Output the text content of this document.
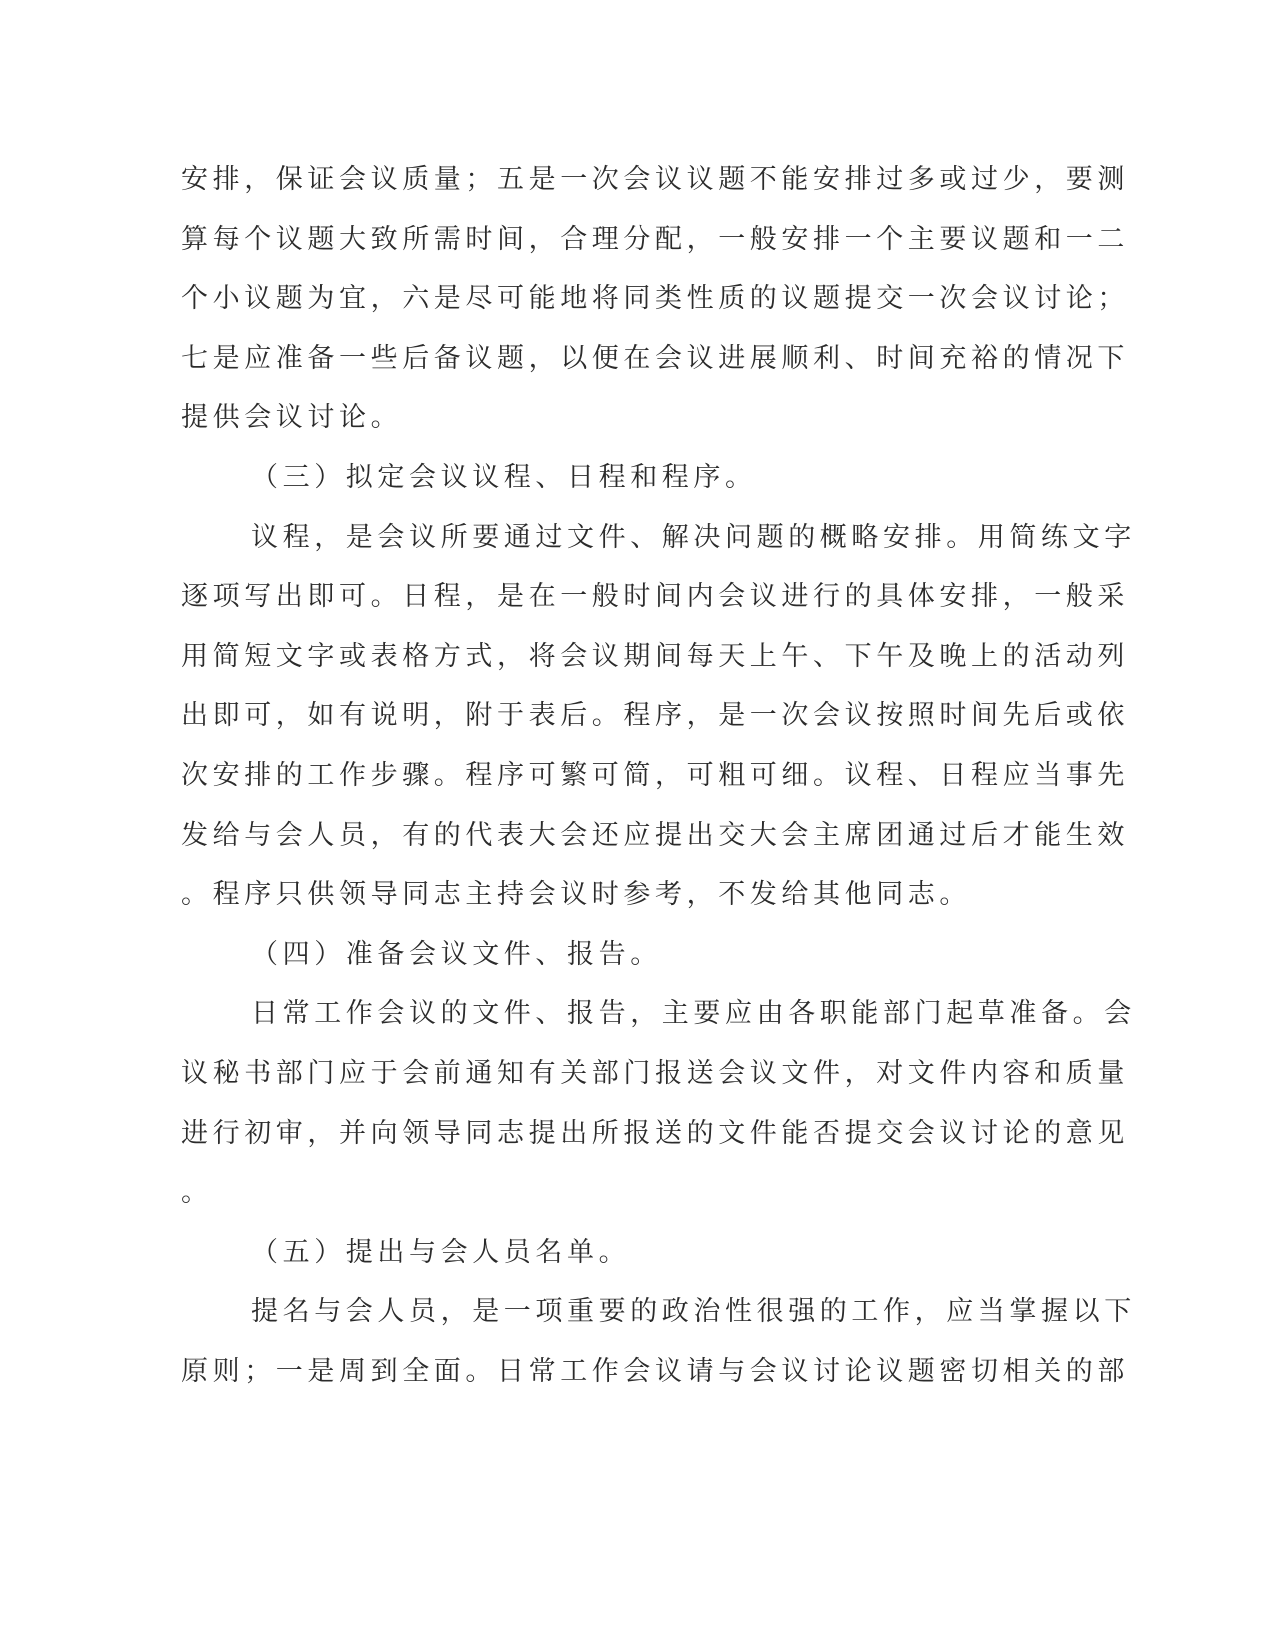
安排，保证会议质量；五是一次会议议题不能安排过多或过少，要测
算每个议题大致所需时间，合理分配，一般安排一个主要议题和一二
个小议题为宜，六是尽可能地将同类性质的议题提交一次会议讨论；
七是应准备一些后备议题，以便在会议进展顺利、时间充裕的情况下
提供会议讨论。
（三）拟定会议议程、日程和程序。
议程，是会议所要通过文件、解决问题的概略安排。用简练文字
逐项写出即可。日程，是在一般时间内会议进行的具体安排，一般采
用简短文字或表格方式，将会议期间每天上午、下午及晚上的活动列
出即可，如有说明，附于表后。程序，是一次会议按照时间先后或依
次安排的工作步骤。程序可繁可简，可粗可细。议程、日程应当事先
发给与会人员，有的代表大会还应提出交大会主席团通过后才能生效
。程序只供领导同志主持会议时参考，不发给其他同志。
（四）准备会议文件、报告。
日常工作会议的文件、报告，主要应由各职能部门起草准备。会
议秘书部门应于会前通知有关部门报送会议文件，对文件内容和质量
进行初审，并向领导同志提出所报送的文件能否提交会议讨论的意见
。
（五）提出与会人员名单。
提名与会人员，是一项重要的政治性很强的工作，应当掌握以下
原则；一是周到全面。日常工作会议请与会议讨论议题密切相关的部
